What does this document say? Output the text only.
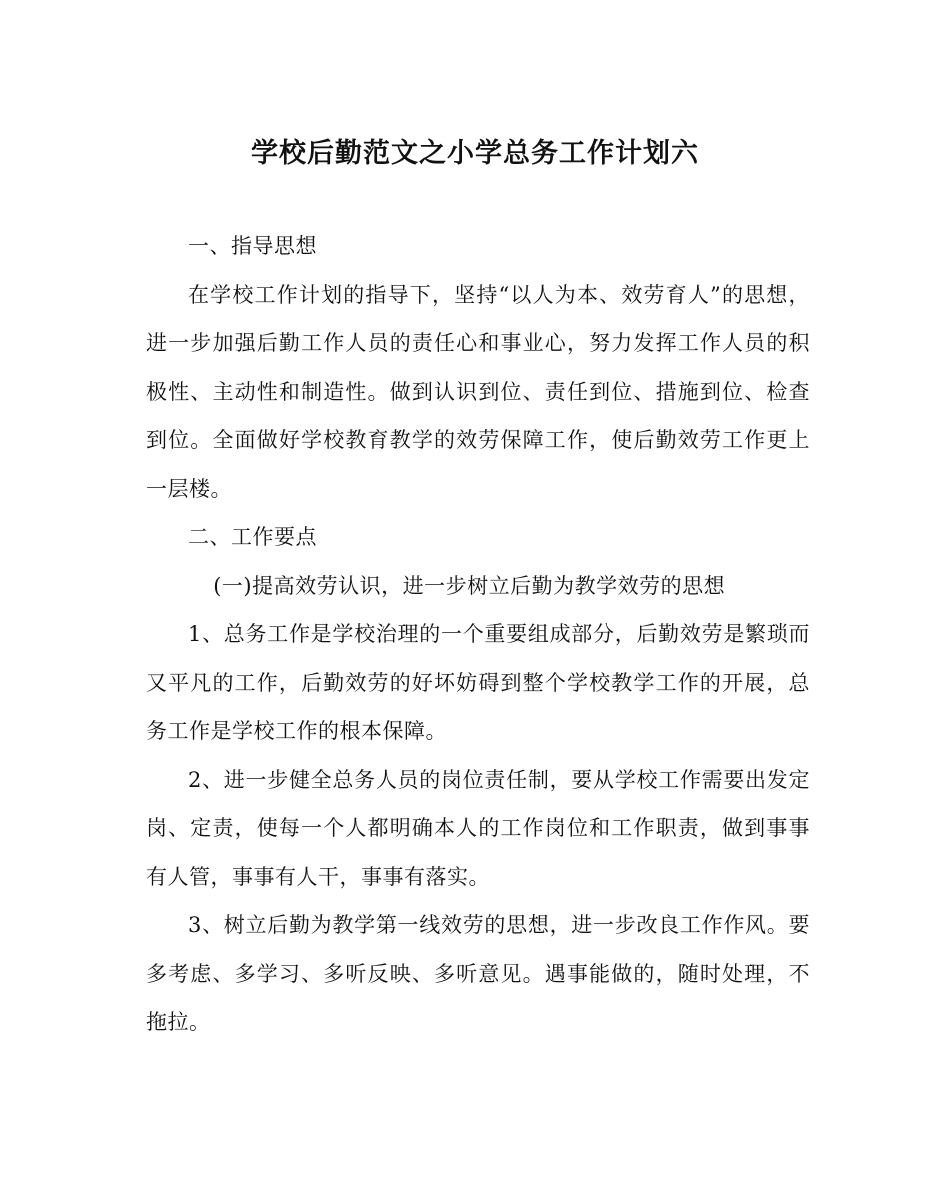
学校后勤范文之小学总务工作计划六

一、指导思想

在学校工作计划的指导下，坚持“以人为本、效劳育人”的思想，进一步加强后勤工作人员的责任心和事业心，努力发挥工作人员的积极性、主动性和制造性。做到认识到位、责任到位、措施到位、检查到位。全面做好学校教育教学的效劳保障工作，使后勤效劳工作更上一层楼。

二、工作要点

(一)提高效劳认识，进一步树立后勤为教学效劳的思想

1、总务工作是学校治理的一个重要组成部分，后勤效劳是繁琐而又平凡的工作，后勤效劳的好坏妨碍到整个学校教学工作的开展，总务工作是学校工作的根本保障。

2、进一步健全总务人员的岗位责任制，要从学校工作需要出发定岗、定责，使每一个人都明确本人的工作岗位和工作职责，做到事事有人管，事事有人干，事事有落实。

3、树立后勤为教学第一线效劳的思想，进一步改良工作作风。要多考虑、多学习、多听反映、多听意见。遇事能做的，随时处理，不拖拉。
